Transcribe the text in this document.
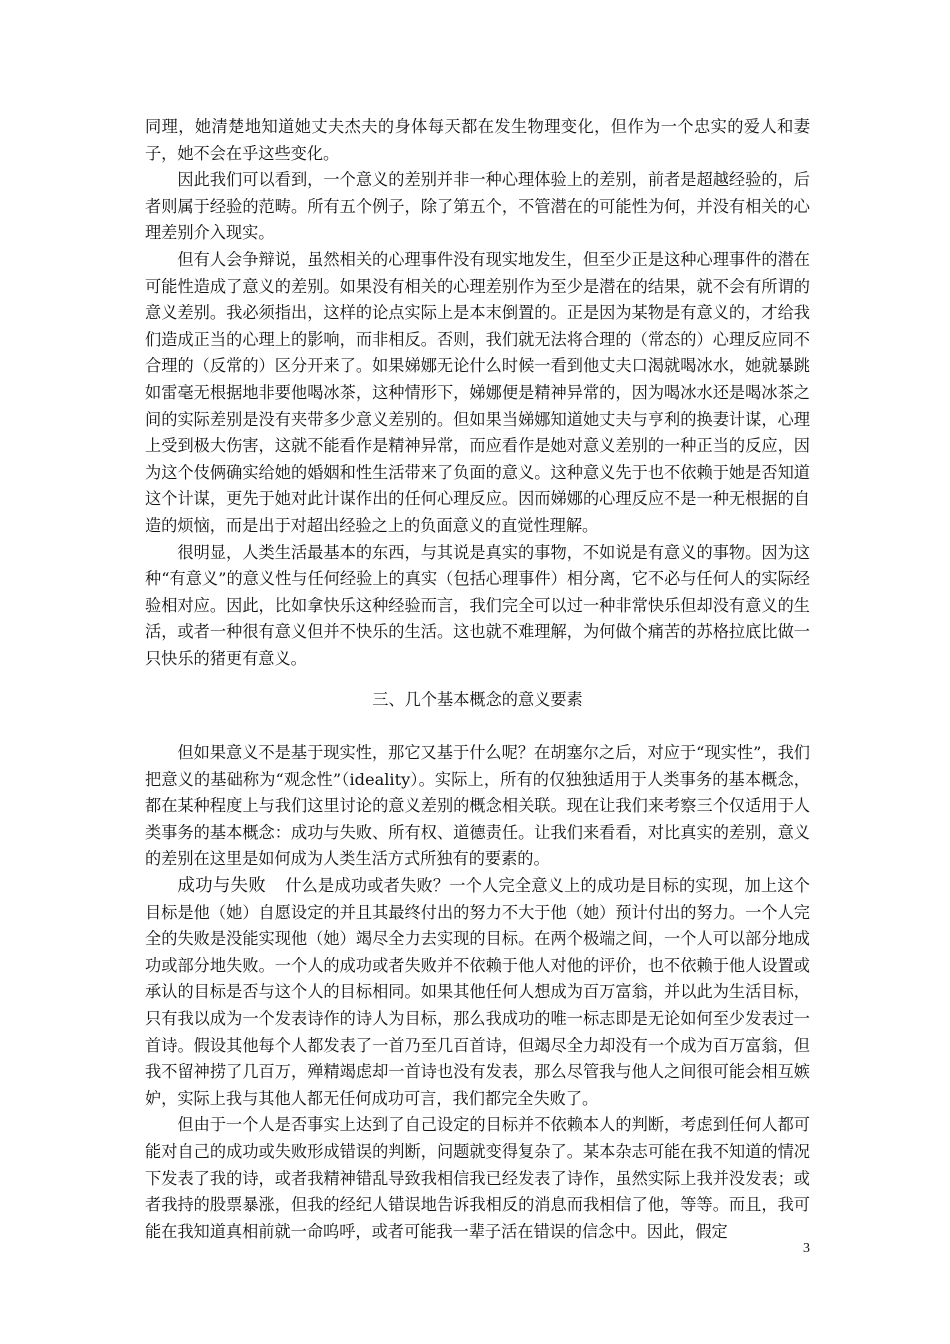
同理，她清楚地知道她丈夫杰夫的身体每天都在发生物理变化，但作为一个忠实的爱人和妻子，她不会在乎这些变化。

因此我们可以看到，一个意义的差别并非一种心理体验上的差别，前者是超越经验的，后者则属于经验的范畴。所有五个例子，除了第五个，不管潜在的可能性为何，并没有相关的心理差别介入现实。

但有人会争辩说，虽然相关的心理事件没有现实地发生，但至少正是这种心理事件的潜在可能性造成了意义的差别。如果没有相关的心理差别作为至少是潜在的结果，就不会有所谓的意义差别。我必须指出，这样的论点实际上是本末倒置的。正是因为某物是有意义的，才给我们造成正当的心理上的影响，而非相反。否则，我们就无法将合理的（常态的）心理反应同不合理的（反常的）区分开来了。如果娣娜无论什么时候一看到他丈夫口渴就喝冰水，她就暴跳如雷毫无根据地非要他喝冰茶，这种情形下，娣娜便是精神异常的，因为喝冰水还是喝冰茶之间的实际差别是没有夹带多少意义差别的。但如果当娣娜知道她丈夫与亨利的换妻计谋，心理上受到极大伤害，这就不能看作是精神异常，而应看作是她对意义差别的一种正当的反应，因为这个伎俩确实给她的婚姻和性生活带来了负面的意义。这种意义先于也不依赖于她是否知道这个计谋，更先于她对此计谋作出的任何心理反应。因而娣娜的心理反应不是一种无根据的自造的烦恼，而是出于对超出经验之上的负面意义的直觉性理解。

很明显，人类生活最基本的东西，与其说是真实的事物，不如说是有意义的事物。因为这种“有意义”的意义性与任何经验上的真实（包括心理事件）相分离，它不必与任何人的实际经验相对应。因此，比如拿快乐这种经验而言，我们完全可以过一种非常快乐但却没有意义的生活，或者一种很有意义但并不快乐的生活。这也就不难理解，为何做个痛苦的苏格拉底比做一只快乐的猪更有意义。

三、几个基本概念的意义要素

但如果意义不是基于现实性，那它又基于什么呢？在胡塞尔之后，对应于“现实性”，我们把意义的基础称为“观念性”（ideality）。实际上，所有的仅独独适用于人类事务的基本概念，都在某种程度上与我们这里讨论的意义差别的概念相关联。现在让我们来考察三个仅适用于人类事务的基本概念：成功与失败、所有权、道德责任。让我们来看看，对比真实的差别，意义的差别在这里是如何成为人类生活方式所独有的要素的。

成功与失败 什么是成功或者失败？一个人完全意义上的成功是目标的实现，加上这个目标是他（她）自愿设定的并且其最终付出的努力不大于他（她）预计付出的努力。一个人完全的失败是没能实现他（她）竭尽全力去实现的目标。在两个极端之间，一个人可以部分地成功或部分地失败。一个人的成功或者失败并不依赖于他人对他的评价，也不依赖于他人设置或承认的目标是否与这个人的目标相同。如果其他任何人想成为百万富翁，并以此为生活目标，只有我以成为一个发表诗作的诗人为目标，那么我成功的唯一标志即是无论如何至少发表过一首诗。假设其他每个人都发表了一首乃至几百首诗，但竭尽全力却没有一个成为百万富翁，但我不留神捞了几百万，殚精竭虑却一首诗也没有发表，那么尽管我与他人之间很可能会相互嫉妒，实际上我与其他人都无任何成功可言，我们都完全失败了。

但由于一个人是否事实上达到了自己设定的目标并不依赖本人的判断，考虑到任何人都可能对自己的成功或失败形成错误的判断，问题就变得复杂了。某本杂志可能在我不知道的情况下发表了我的诗，或者我精神错乱导致我相信我已经发表了诗作，虽然实际上我并没发表；或者我持的股票暴涨，但我的经纪人错误地告诉我相反的消息而我相信了他，等等。而且，我可能在我知道真相前就一命呜呼，或者可能我一辈子活在错误的信念中。因此，假定

3
